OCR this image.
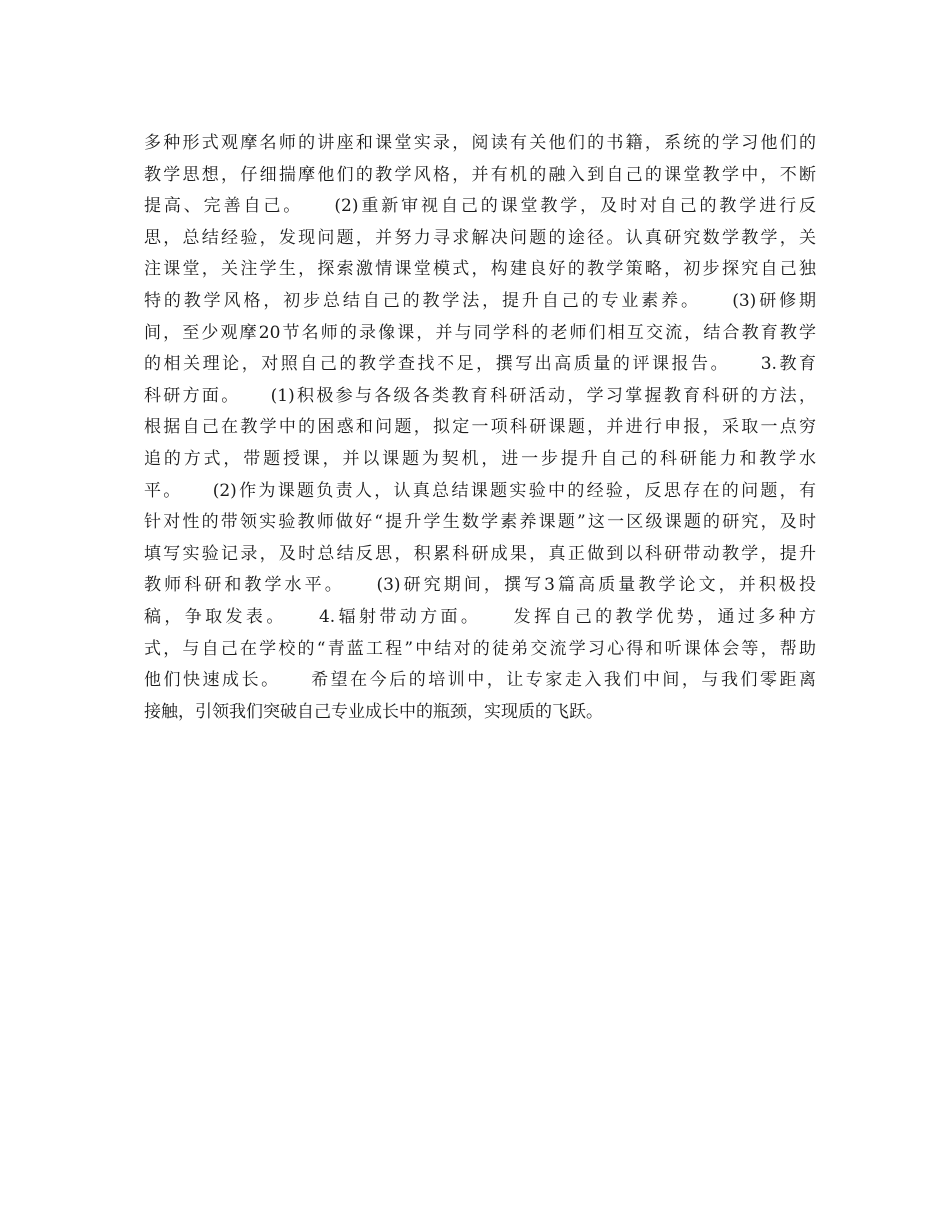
多种形式观摩名师的讲座和课堂实录，阅读有关他们的书籍，系统的学习他们的
教学思想，仔细揣摩他们的教学风格，并有机的融入到自己的课堂教学中，不断
提高、完善自己。　　(2)重新审视自己的课堂教学，及时对自己的教学进行反
思，总结经验，发现问题，并努力寻求解决问题的途径。认真研究数学教学，关
注课堂，关注学生，探索激情课堂模式，构建良好的教学策略，初步探究自己独
特的教学风格，初步总结自己的教学法，提升自己的专业素养。　　(3)研修期
间，至少观摩20节名师的录像课，并与同学科的老师们相互交流，结合教育教学
的相关理论，对照自己的教学查找不足，撰写出高质量的评课报告。　　3.教育
科研方面。　　(1)积极参与各级各类教育科研活动，学习掌握教育科研的方法，
根据自己在教学中的困惑和问题，拟定一项科研课题，并进行申报，采取一点穷
追的方式，带题授课，并以课题为契机，进一步提升自己的科研能力和教学水
平。　　(2)作为课题负责人，认真总结课题实验中的经验，反思存在的问题，有
针对性的带领实验教师做好“提升学生数学素养课题”这一区级课题的研究，及时
填写实验记录，及时总结反思，积累科研成果，真正做到以科研带动教学，提升
教师科研和教学水平。　　(3)研究期间，撰写3篇高质量教学论文，并积极投
稿，争取发表。　　4.辐射带动方面。　　发挥自己的教学优势，通过多种方
式，与自己在学校的“青蓝工程”中结对的徒弟交流学习心得和听课体会等，帮助
他们快速成长。　　希望在今后的培训中，让专家走入我们中间，与我们零距离
接触，引领我们突破自己专业成长中的瓶颈，实现质的飞跃。
